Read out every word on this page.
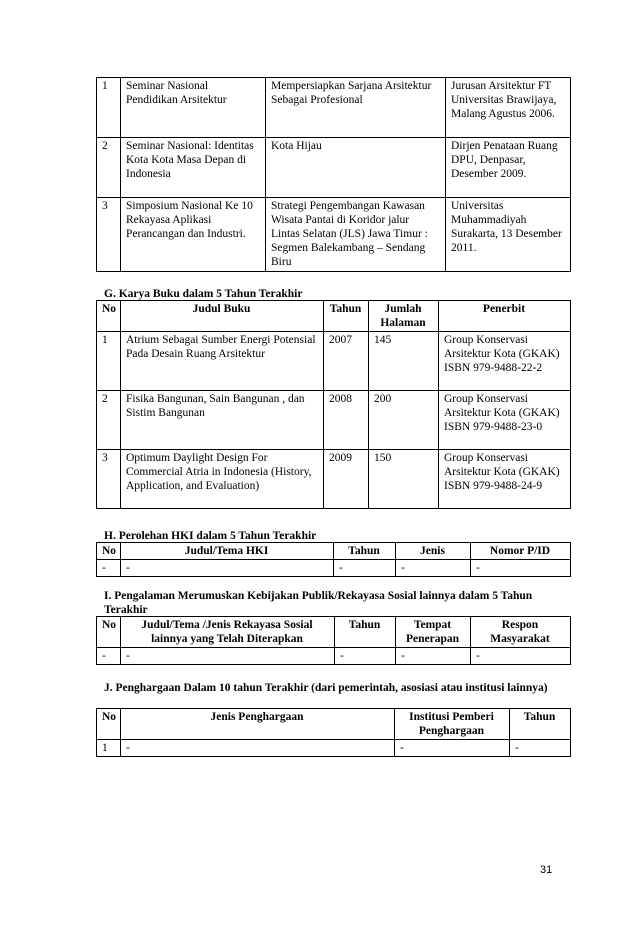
1	Seminar Nasional Pendidikan Arsitektur	Mempersiapkan Sarjana Arsitektur Sebagai Profesional	Jurusan Arsitektur FT Universitas Brawijaya, Malang Agustus 2006.
2	Seminar Nasional: Identitas Kota Kota Masa Depan di Indonesia	Kota Hijau	Dirjen Penataan Ruang DPU, Denpasar, Desember 2009.
3	Simposium Nasional Ke 10 Rekayasa Aplikasi Perancangan dan Industri.	Strategi Pengembangan Kawasan Wisata Pantai di Koridor jalur Lintas Selatan (JLS) Jawa Timur : Segmen Balekambang – Sendang Biru	Universitas Muhammadiyah Surakarta, 13 Desember 2011.
G. Karya Buku dalam 5 Tahun Terakhir
No	Judul Buku	Tahun	Jumlah Halaman	Penerbit
1	Atrium Sebagai Sumber Energi Potensial Pada Desain Ruang Arsitektur	2007	145	Group Konservasi Arsitektur Kota (GKAK) ISBN 979-9488-22-2
2	Fisika Bangunan, Sain Bangunan , dan Sistim Bangunan	2008	200	Group Konservasi Arsitektur Kota (GKAK) ISBN 979-9488-23-0
3	Optimum Daylight Design For Commercial Atria in Indonesia (History, Application, and Evaluation)	2009	150	Group Konservasi Arsitektur Kota (GKAK) ISBN 979-9488-24-9
H. Perolehan HKI dalam 5 Tahun Terakhir
No	Judul/Tema HKI	Tahun	Jenis	Nomor P/ID
-	-	-	-	-
I. Pengalaman Merumuskan Kebijakan Publik/Rekayasa Sosial lainnya dalam 5 Tahun Terakhir
No	Judul/Tema /Jenis Rekayasa Sosial lainnya yang Telah Diterapkan	Tahun	Tempat Penerapan	Respon Masyarakat
-	-	-	-	-
J. Penghargaan Dalam 10 tahun Terakhir (dari pemerintah, asosiasi atau institusi lainnya)
No	Jenis Penghargaan	Institusi Pemberi Penghargaan	Tahun
1	-	-	-
31
